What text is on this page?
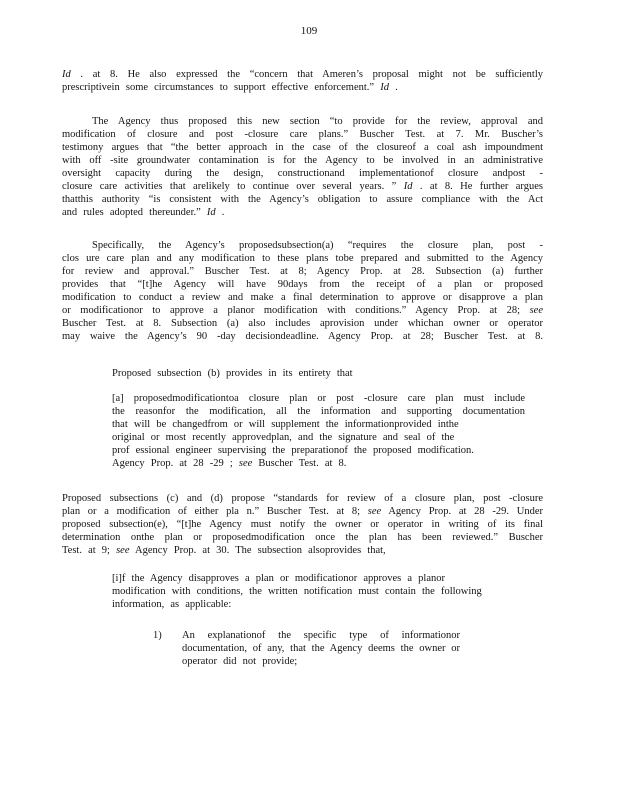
109
Id . at 8. He also expressed the “concern that Ameren’s proposal might not be sufficiently
prescriptivein some circumstances to support effective enforcement.” Id .
The Agency thus proposed this new section “to provide for the review, approval and
modification of closure and post -closure care plans.” Buscher Test. at 7. Mr. Buscher’s
testimony argues that “the better approach in the case of the closureof a coal ash impoundment
with off -site groundwater contamination is for the Agency to be involved in an administrative
oversight capacity during the design, constructionand implementationof closure andpost -
closure care activities that arelikely to continue over several years. ” Id . at 8. He further argues
thatthis authority “is consistent with the Agency’s obligation to assure compliance with the Act
and rules adopted thereunder.” Id .
Specifically, the Agency’s proposedsubsection(a) “requires the closure plan, post -
clos ure care plan and any modification to these plans tobe prepared and submitted to the Agency
for review and approval.” Buscher Test. at 8; Agency Prop. at 28. Subsection (a) further
provides that “[t]he Agency will have 90days from the receipt of a plan or proposed
modification to conduct a review and make a final determination to approve or disapprove a plan
or modificationor to approve a planor modification with conditions.” Agency Prop. at 28; see
Buscher Test. at 8. Subsection (a) also includes aprovision under whichan owner or operator
may waive the Agency’s 90 -day decisiondeadline. Agency Prop. at 28; Buscher Test. at 8.
Proposed subsection (b) provides in its entirety that
[a] proposedmodificationtoa closure plan or post -closure care plan must include
the reasonfor the modification, all the information and supporting documentation
that will be changedfrom or will supplement the informationprovided inthe
original or most recently approvedplan, and the signature and seal of the
prof essional engineer supervising the preparationof the proposed modification.
Agency Prop. at 28 -29 ; see Buscher Test. at 8.
Proposed subsections (c) and (d) propose “standards for review of a closure plan, post -closure
plan or a modification of either pla n.” Buscher Test. at 8; see Agency Prop. at 28 -29. Under
proposed subsection(e), “[t]he Agency must notify the owner or operator in writing of its final
determination onthe plan or proposedmodification once the plan has been reviewed.” Buscher
Test. at 9; see Agency Prop. at 30. The subsection alsoprovides that,
[i]f the Agency disapproves a plan or modificationor approves a planor
modification with conditions, the written notification must contain the following
information, as applicable:
1)	An explanationof the specific type of informationor
documentation, of any, that the Agency deems the owner or
operator did not provide;
